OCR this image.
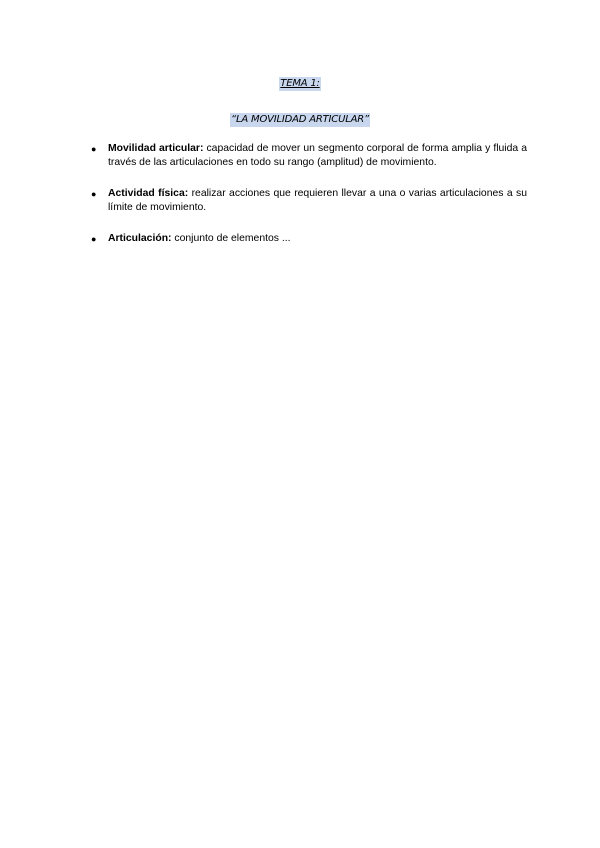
TEMA 1:
“LA MOVILIDAD ARTICULAR”
● Movilidad articular: capacidad de mover un segmento corporal de forma amplia y fluida a través de las articulaciones en todo su rango (amplitud) de movimiento.
● Actividad física: realizar acciones que requieren llevar a una o varias articulaciones a su límite de movimiento.
● Articulación: conjunto de elementos ...
